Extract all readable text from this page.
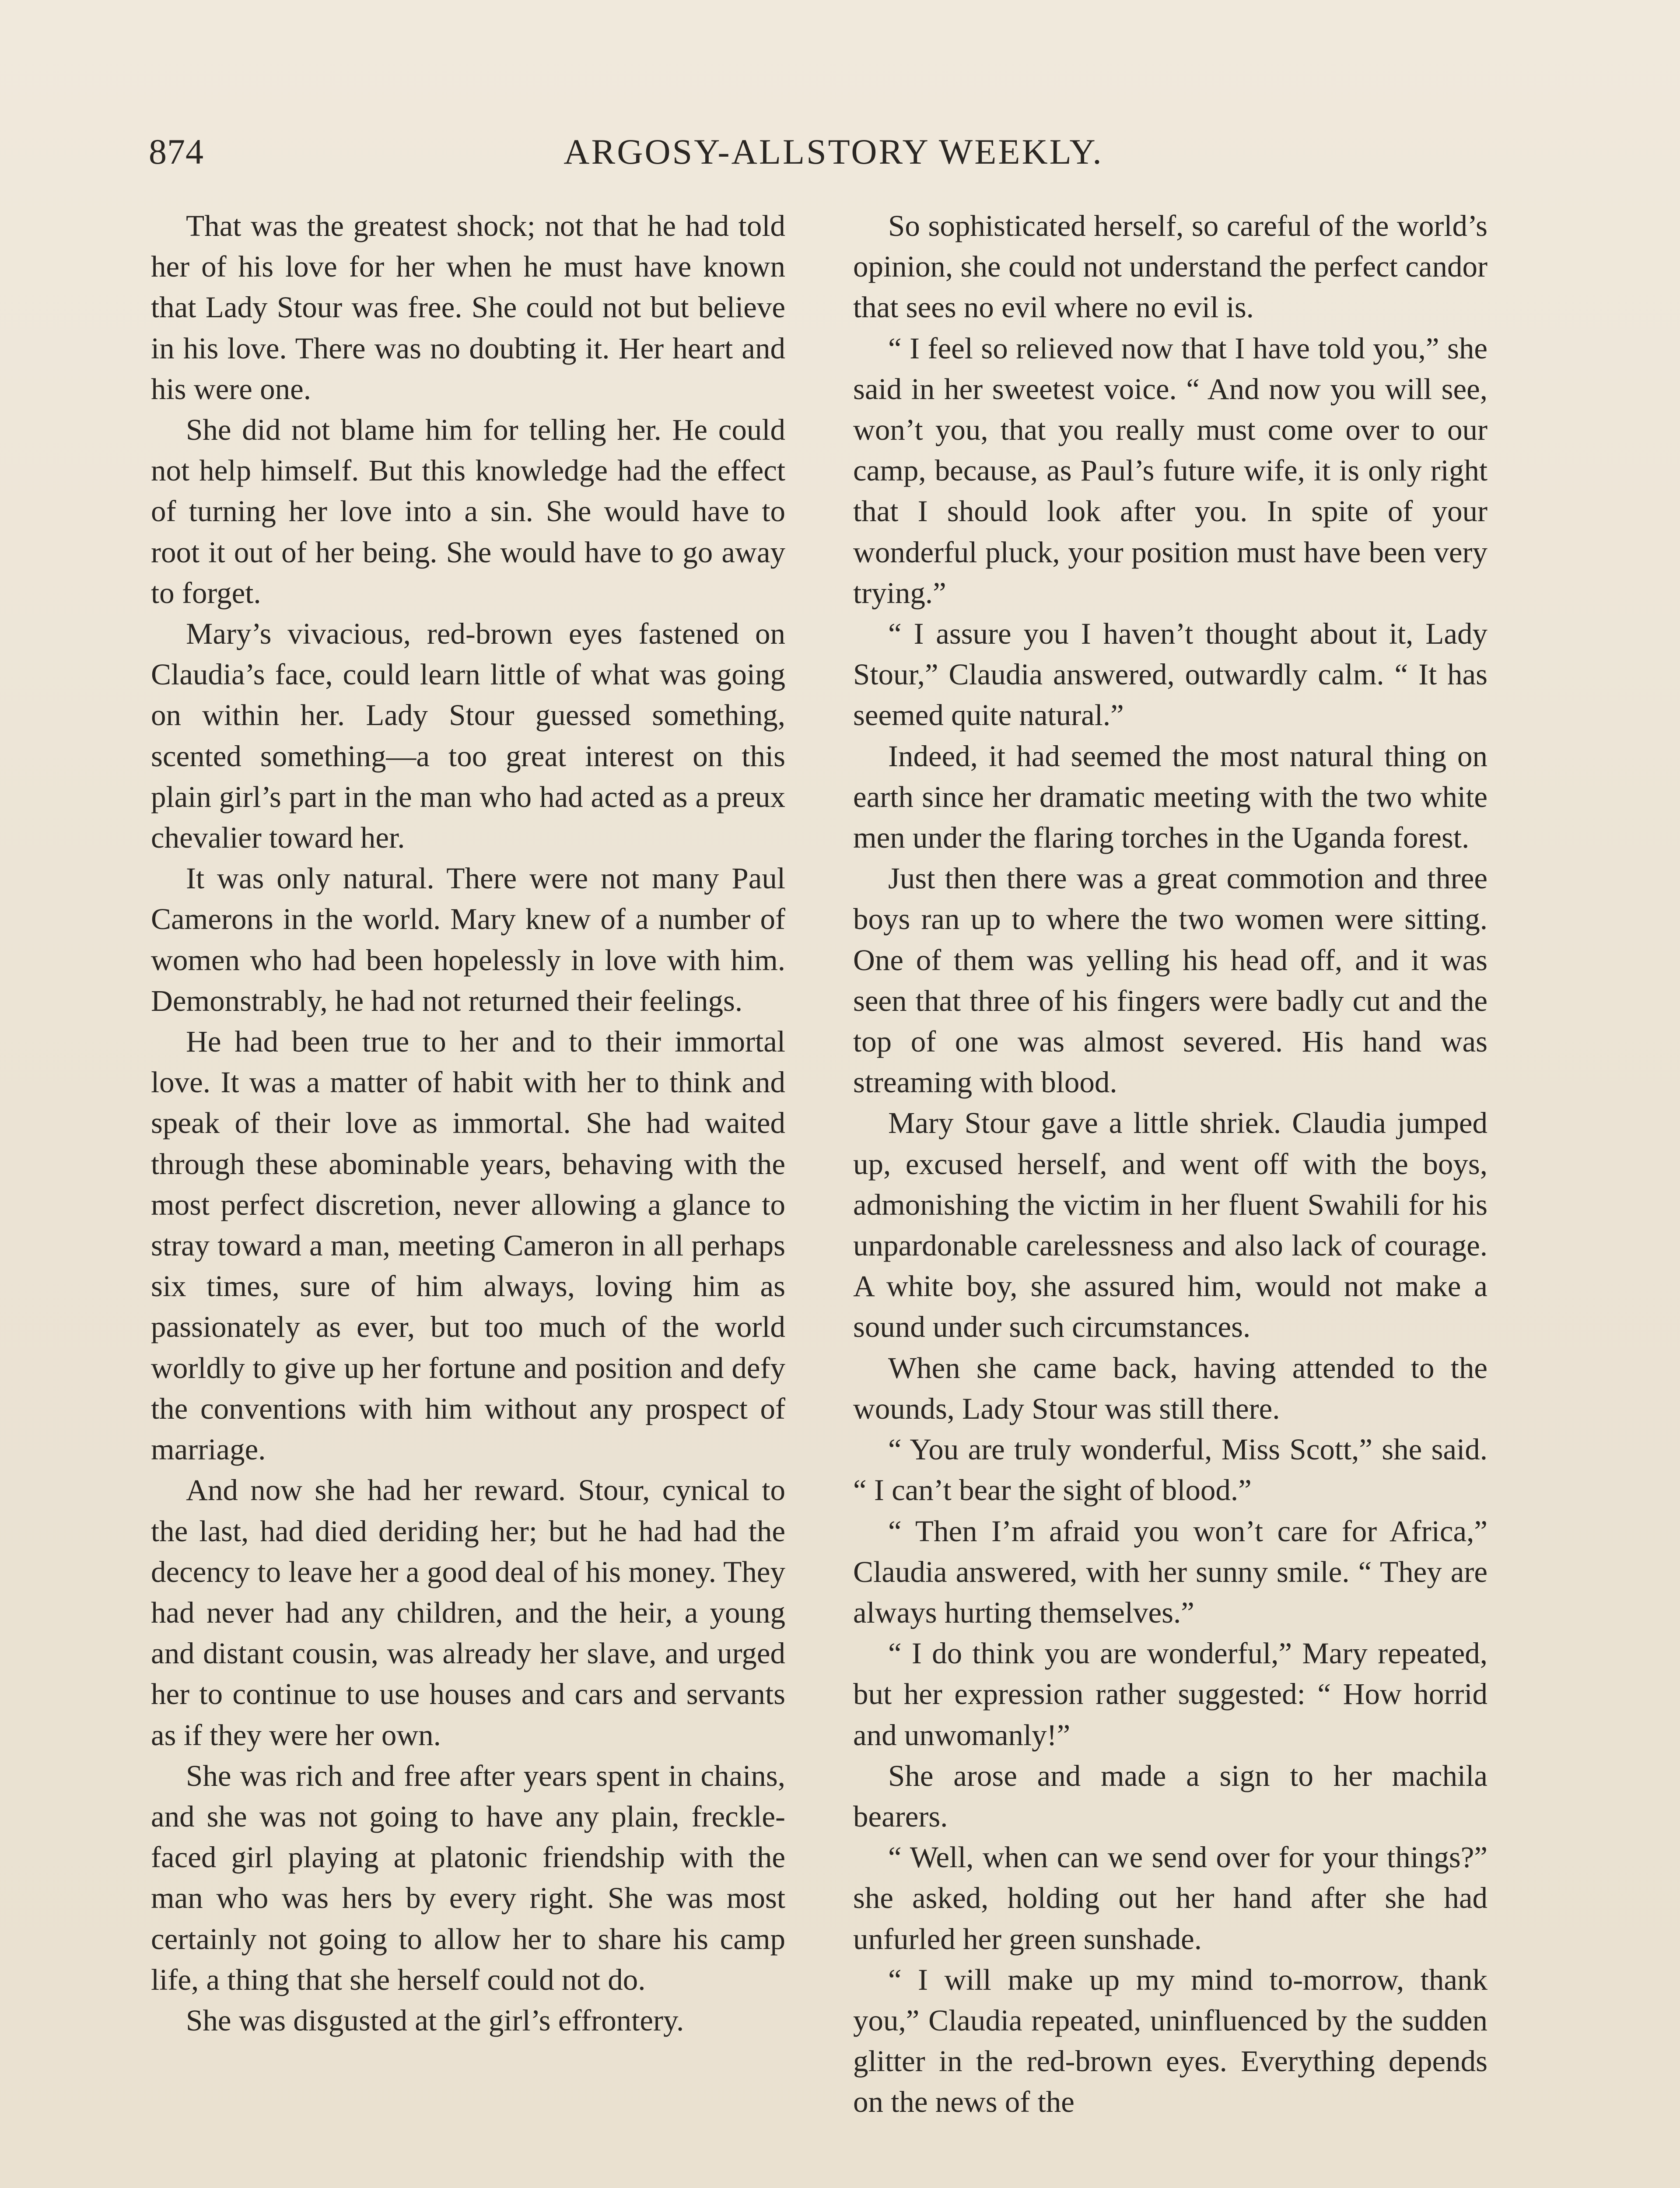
874	ARGOSY-ALLSTORY WEEKLY.

That was the greatest shock; not that he had told her of his love for her when he must have known that Lady Stour was free. She could not but believe in his love. There was no doubting it. Her heart and his were one.

She did not blame him for telling her. He could not help himself. But this knowledge had the effect of turning her love into a sin. She would have to root it out of her being. She would have to go away to forget.

Mary’s vivacious, red-brown eyes fastened on Claudia’s face, could learn little of what was going on within her. Lady Stour guessed something, scented something—a too great interest on this plain girl’s part in the man who had acted as a preux chevalier toward her.

It was only natural. There were not many Paul Camerons in the world. Mary knew of a number of women who had been hopelessly in love with him. Demonstrably, he had not returned their feelings.

He had been true to her and to their immortal love. It was a matter of habit with her to think and speak of their love as immortal. She had waited through these abominable years, behaving with the most perfect discretion, never allowing a glance to stray toward a man, meeting Cameron in all perhaps six times, sure of him always, loving him as passionately as ever, but too much of the world worldly to give up her fortune and position and defy the conventions with him without any prospect of marriage.

And now she had her reward. Stour, cynical to the last, had died deriding her; but he had had the decency to leave her a good deal of his money. They had never had any children, and the heir, a young and distant cousin, was already her slave, and urged her to continue to use houses and cars and servants as if they were her own.

She was rich and free after years spent in chains, and she was not going to have any plain, freckle-faced girl playing at platonic friendship with the man who was hers by every right. She was most certainly not going to allow her to share his camp life, a thing that she herself could not do.

She was disgusted at the girl’s effrontery.

So sophisticated herself, so careful of the world’s opinion, she could not understand the perfect candor that sees no evil where no evil is.

“ I feel so relieved now that I have told you,” she said in her sweetest voice. “ And now you will see, won’t you, that you really must come over to our camp, because, as Paul’s future wife, it is only right that I should look after you. In spite of your wonderful pluck, your position must have been very trying.”

“ I assure you I haven’t thought about it, Lady Stour,” Claudia answered, outwardly calm. “ It has seemed quite natural.”

Indeed, it had seemed the most natural thing on earth since her dramatic meeting with the two white men under the flaring torches in the Uganda forest.

Just then there was a great commotion and three boys ran up to where the two women were sitting. One of them was yelling his head off, and it was seen that three of his fingers were badly cut and the top of one was almost severed. His hand was streaming with blood.

Mary Stour gave a little shriek. Claudia jumped up, excused herself, and went off with the boys, admonishing the victim in her fluent Swahili for his unpardonable carelessness and also lack of courage. A white boy, she assured him, would not make a sound under such circumstances.

When she came back, having attended to the wounds, Lady Stour was still there.

“ You are truly wonderful, Miss Scott,” she said. “ I can’t bear the sight of blood.”

“ Then I’m afraid you won’t care for Africa,” Claudia answered, with her sunny smile. “ They are always hurting themselves.”

“ I do think you are wonderful,” Mary repeated, but her expression rather suggested: “ How horrid and unwomanly!”

She arose and made a sign to her machila bearers.

“ Well, when can we send over for your things?” she asked, holding out her hand after she had unfurled her green sunshade.

“ I will make up my mind to-morrow, thank you,” Claudia repeated, uninfluenced by the sudden glitter in the red-brown eyes. Everything depends on the news of the
